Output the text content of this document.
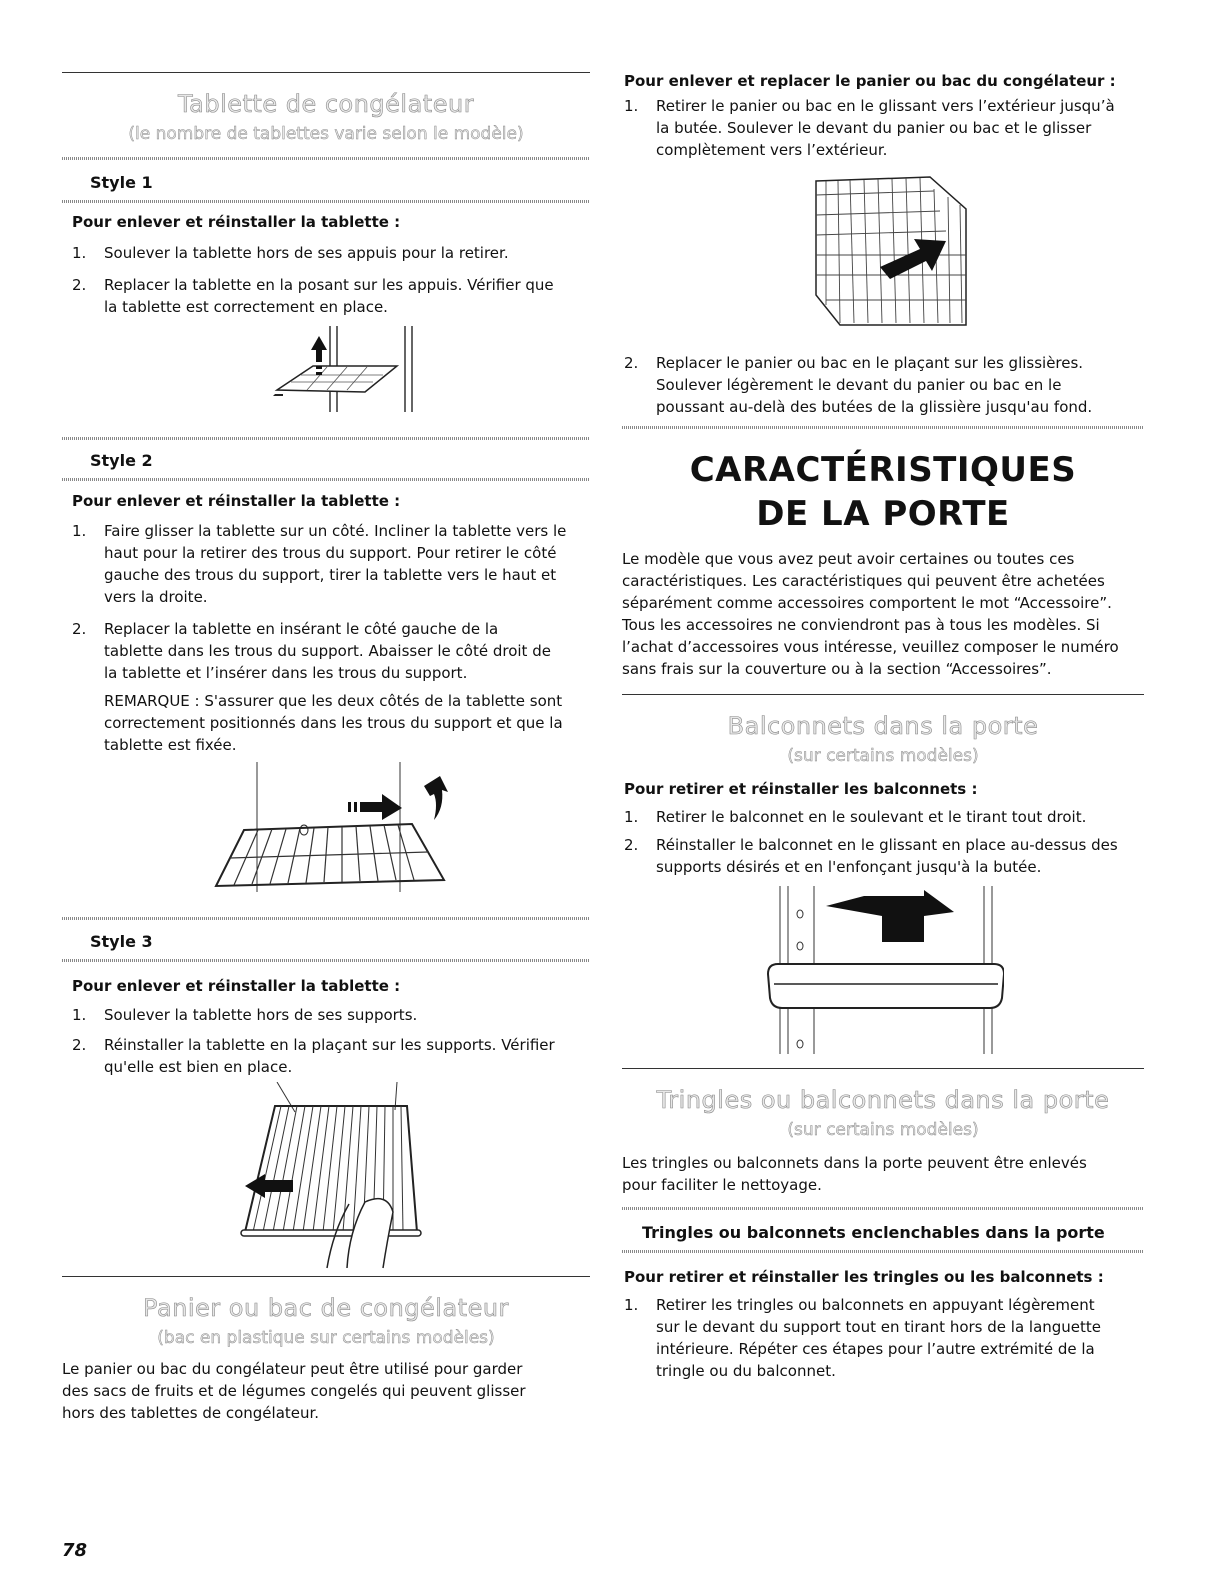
Tablette de congélateur
(le nombre de tablettes varie selon le modèle)
Style 1
Pour enlever et réinstaller la tablette :
1. Soulever la tablette hors de ses appuis pour la retirer.
2. Replacer la tablette en la posant sur les appuis. Vérifier que
la tablette est correctement en place.
Style 2
Pour enlever et réinstaller la tablette :
1. Faire glisser la tablette sur un côté. Incliner la tablette vers le
haut pour la retirer des trous du support. Pour retirer le côté
gauche des trous du support, tirer la tablette vers le haut et
vers la droite.
2. Replacer la tablette en insérant le côté gauche de la
tablette dans les trous du support. Abaisser le côté droit de
la tablette et l’insérer dans les trous du support.
REMARQUE : S'assurer que les deux côtés de la tablette sont
correctement positionnés dans les trous du support et que la
tablette est fixée.
Style 3
Pour enlever et réinstaller la tablette :
1. Soulever la tablette hors de ses supports.
2. Réinstaller la tablette en la plaçant sur les supports. Vérifier
qu'elle est bien en place.
Panier ou bac de congélateur
(bac en plastique sur certains modèles)
Le panier ou bac du congélateur peut être utilisé pour garder
des sacs de fruits et de légumes congelés qui peuvent glisser
hors des tablettes de congélateur.
Pour enlever et replacer le panier ou bac du congélateur :
1. Retirer le panier ou bac en le glissant vers l’extérieur jusqu’à
la butée. Soulever le devant du panier ou bac et le glisser
complètement vers l’extérieur.
2. Replacer le panier ou bac en le plaçant sur les glissières.
Soulever légèrement le devant du panier ou bac en le
poussant au-delà des butées de la glissière jusqu'au fond.
CARACTÉRISTIQUES
DE LA PORTE
Le modèle que vous avez peut avoir certaines ou toutes ces
caractéristiques. Les caractéristiques qui peuvent être achetées
séparément comme accessoires comportent le mot “Accessoire”.
Tous les accessoires ne conviendront pas à tous les modèles. Si
l’achat d’accessoires vous intéresse, veuillez composer le numéro
sans frais sur la couverture ou à la section “Accessoires”.
Balconnets dans la porte
(sur certains modèles)
Pour retirer et réinstaller les balconnets :
1. Retirer le balconnet en le soulevant et le tirant tout droit.
2. Réinstaller le balconnet en le glissant en place au-dessus des
supports désirés et en l'enfonçant jusqu'à la butée.
Tringles ou balconnets dans la porte
(sur certains modèles)
Les tringles ou balconnets dans la porte peuvent être enlevés
pour faciliter le nettoyage.
Tringles ou balconnets enclenchables dans la porte
Pour retirer et réinstaller les tringles ou les balconnets :
1. Retirer les tringles ou balconnets en appuyant légèrement
sur le devant du support tout en tirant hors de la languette
intérieure. Répéter ces étapes pour l’autre extrémité de la
tringle ou du balconnet.
78
